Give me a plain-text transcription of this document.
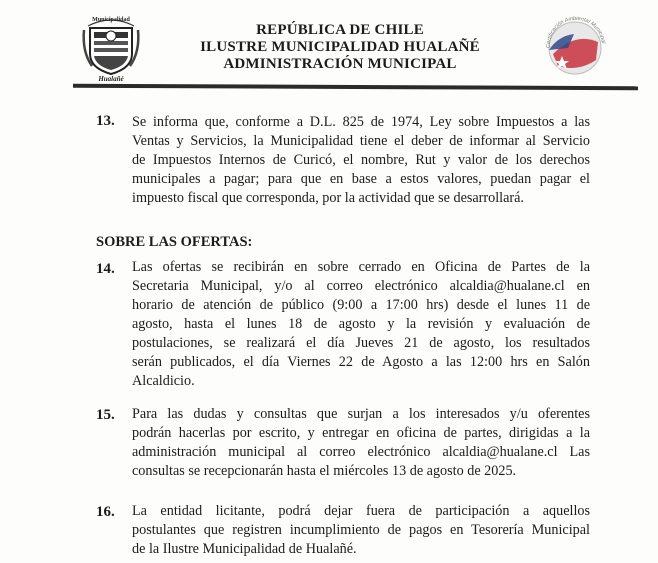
Municipalidad
Hualañé
REPÚBLICA DE CHILE
ILUSTRE MUNICIPALIDAD HUALAÑÉ
ADMINISTRACIÓN MUNICIPAL
Certificación Ambiental Municipal
13. Se informa que, conforme a D.L. 825 de 1974, Ley sobre Impuestos a las
Ventas y Servicios, la Municipalidad tiene el deber de informar al Servicio
de Impuestos Internos de Curicó, el nombre, Rut y valor de los derechos
municipales a pagar; para que en base a estos valores, puedan pagar el
impuesto fiscal que corresponda, por la actividad que se desarrollará.
SOBRE LAS OFERTAS:
14. Las ofertas se recibirán en sobre cerrado en Oficina de Partes de la
Secretaria Municipal, y/o al correo electrónico alcaldia@hualane.cl en
horario de atención de público (9:00 a 17:00 hrs) desde el lunes 11 de
agosto, hasta el lunes 18 de agosto y la revisión y evaluación de
postulaciones, se realizará el día Jueves 21 de agosto, los resultados
serán publicados, el día Viernes 22 de Agosto a las 12:00 hrs en Salón
Alcaldicio.
15. Para las dudas y consultas que surjan a los interesados y/u oferentes
podrán hacerlas por escrito, y entregar en oficina de partes, dirigidas a la
administración municipal al correo electrónico alcaldia@hualane.cl Las
consultas se recepcionarán hasta el miércoles 13 de agosto de 2025.
16. La entidad licitante, podrá dejar fuera de participación a aquellos
postulantes que registren incumplimiento de pagos en Tesorería Municipal
de la Ilustre Municipalidad de Hualañé.
